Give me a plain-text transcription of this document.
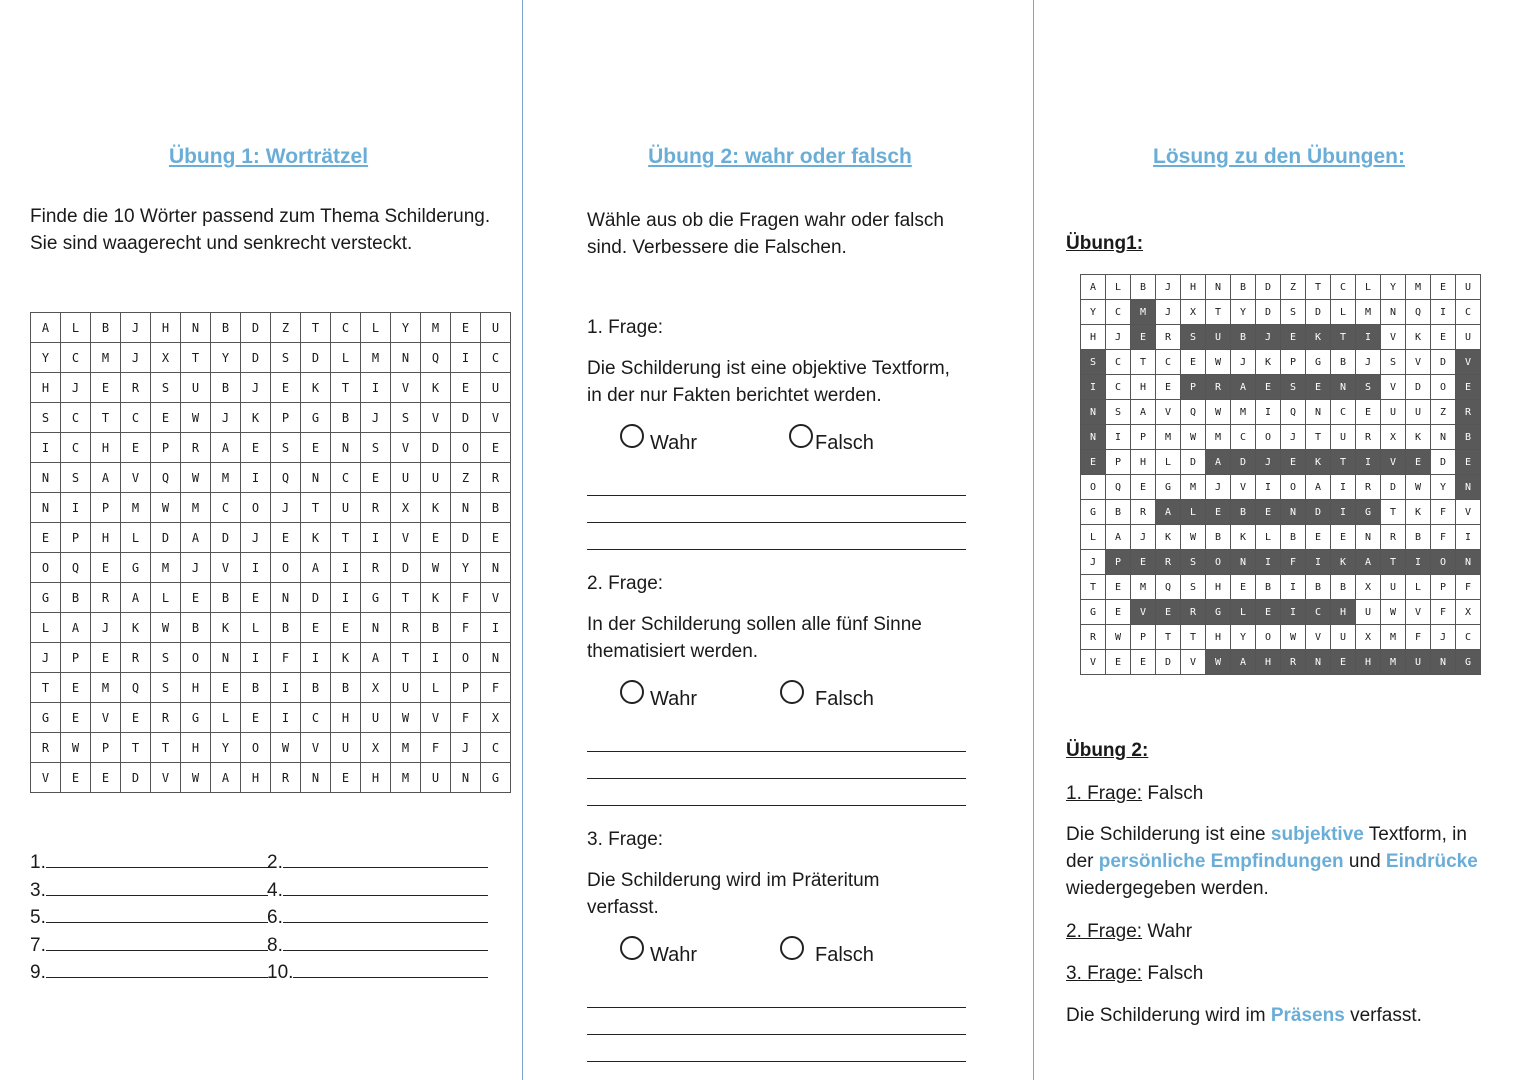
Übung 1: Worträtzel
Finde die 10 Wörter passend zum Thema Schilderung.
Sie sind waagerecht und senkrecht versteckt.
A	L	B	J	H	N	B	D	Z	T	C	L	Y	M	E	U
Y	C	M	J	X	T	Y	D	S	D	L	M	N	Q	I	C
H	J	E	R	S	U	B	J	E	K	T	I	V	K	E	U
S	C	T	C	E	W	J	K	P	G	B	J	S	V	D	V
I	C	H	E	P	R	A	E	S	E	N	S	V	D	O	E
N	S	A	V	Q	W	M	I	Q	N	C	E	U	U	Z	R
N	I	P	M	W	M	C	O	J	T	U	R	X	K	N	B
E	P	H	L	D	A	D	J	E	K	T	I	V	E	D	E
O	Q	E	G	M	J	V	I	O	A	I	R	D	W	Y	N
G	B	R	A	L	E	B	E	N	D	I	G	T	K	F	V
L	A	J	K	W	B	K	L	B	E	E	N	R	B	F	I
J	P	E	R	S	O	N	I	F	I	K	A	T	I	O	N
T	E	M	Q	S	H	E	B	I	B	B	X	U	L	P	F
G	E	V	E	R	G	L	E	I	C	H	U	W	V	F	X
R	W	P	T	T	H	Y	O	W	V	U	X	M	F	J	C
V	E	E	D	V	W	A	H	R	N	E	H	M	U	N	G
1.	2.
3.	4.
5.	6.
7.	8.
9.	10.
Übung 2: wahr oder falsch
Wähle aus ob die Fragen wahr oder falsch
sind. Verbessere die Falschen.
1. Frage:
Die Schilderung ist eine objektive Textform,
in der nur Fakten berichtet werden.
Wahr	Falsch
2. Frage:
In der Schilderung sollen alle fünf Sinne
thematisiert werden.
Wahr	Falsch
3. Frage:
Die Schilderung wird im Präteritum
verfasst.
Wahr	Falsch
Lösung zu den Übungen:
Übung1:
A	L	B	J	H	N	B	D	Z	T	C	L	Y	M	E	U
Y	C	M	J	X	T	Y	D	S	D	L	M	N	Q	I	C
H	J	E	R	S	U	B	J	E	K	T	I	V	K	E	U
S	C	T	C	E	W	J	K	P	G	B	J	S	V	D	V
I	C	H	E	P	R	A	E	S	E	N	S	V	D	O	E
N	S	A	V	Q	W	M	I	Q	N	C	E	U	U	Z	R
N	I	P	M	W	M	C	O	J	T	U	R	X	K	N	B
E	P	H	L	D	A	D	J	E	K	T	I	V	E	D	E
O	Q	E	G	M	J	V	I	O	A	I	R	D	W	Y	N
G	B	R	A	L	E	B	E	N	D	I	G	T	K	F	V
L	A	J	K	W	B	K	L	B	E	E	N	R	B	F	I
J	P	E	R	S	O	N	I	F	I	K	A	T	I	O	N
T	E	M	Q	S	H	E	B	I	B	B	X	U	L	P	F
G	E	V	E	R	G	L	E	I	C	H	U	W	V	F	X
R	W	P	T	T	H	Y	O	W	V	U	X	M	F	J	C
V	E	E	D	V	W	A	H	R	N	E	H	M	U	N	G
Übung 2:
1. Frage: Falsch
Die Schilderung ist eine subjektive Textform, in
der persönliche Empfindungen und Eindrücke
wiedergegeben werden.
2. Frage: Wahr
3. Frage: Falsch
Die Schilderung wird im Präsens verfasst.
